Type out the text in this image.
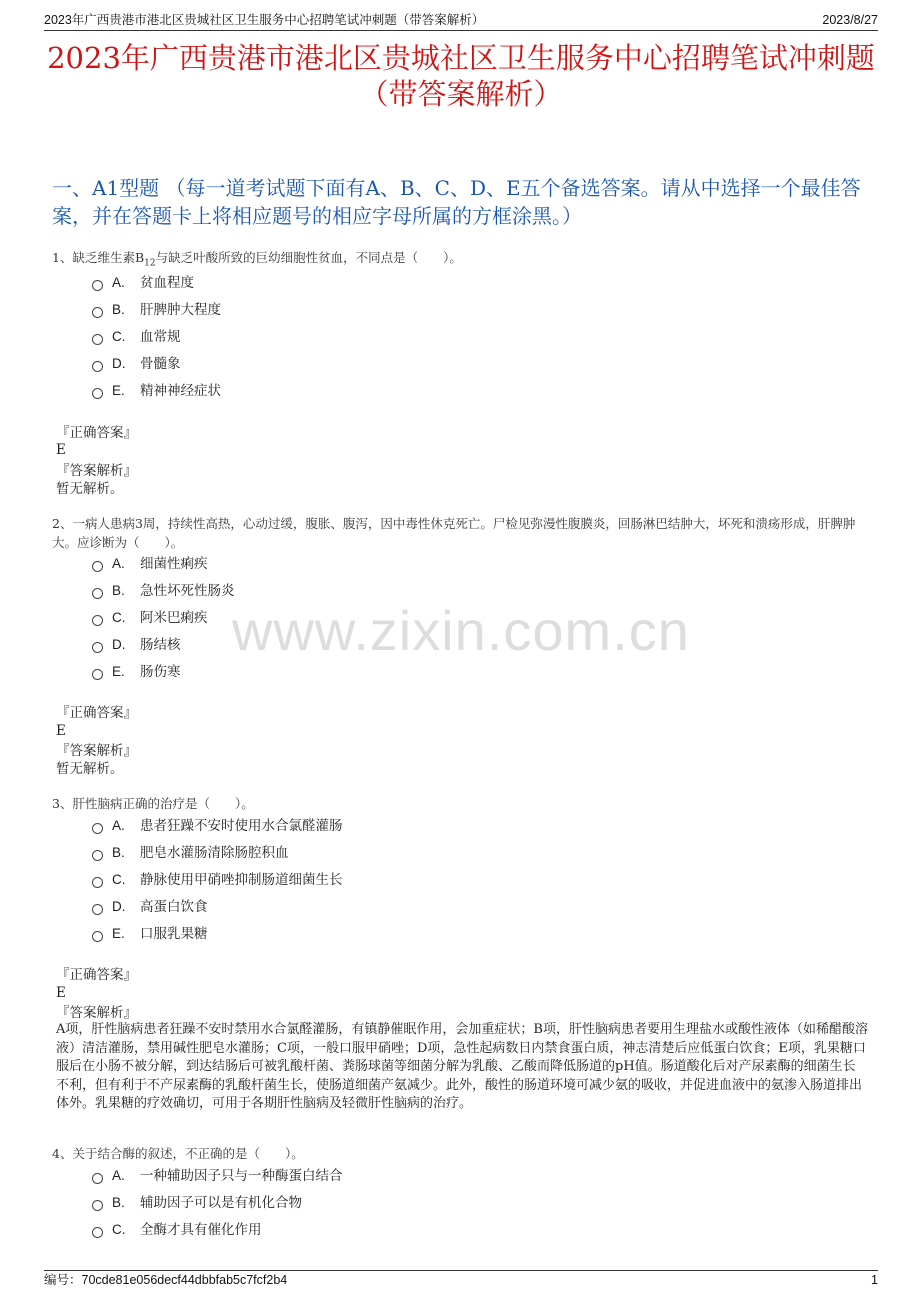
2023年广西贵港市港北区贵城社区卫生服务中心招聘笔试冲刺题（带答案解析）	2023/8/27
2023年广西贵港市港北区贵城社区卫生服务中心招聘笔试冲刺题（带答案解析）
一、A1型题 （每一道考试题下面有A、B、C、D、E五个备选答案。请从中选择一个最佳答案，并在答题卡上将相应题号的相应字母所属的方框涂黑。）
1、缺乏维生素$B_{12}$与缺乏叶酸所致的巨幼细胞性贫血，不同点是（　　）。
A.	贫血程度
B.	肝脾肿大程度
C.	血常规
D.	骨髓象
E.	精神神经症状
『正确答案』
E
『答案解析』
暂无解析。
2、一病人患病3周，持续性高热，心动过缓，腹胀、腹泻，因中毒性休克死亡。尸检见弥漫性腹膜炎，回肠淋巴结肿大，坏死和溃疡形成，肝脾肿大。应诊断为（　　）。
A.	细菌性痢疾
B.	急性坏死性肠炎
C.	阿米巴痢疾
D.	肠结核
E.	肠伤寒
『正确答案』
E
『答案解析』
暂无解析。
3、肝性脑病正确的治疗是（　　）。
A.	患者狂躁不安时使用水合氯醛灌肠
B.	肥皂水灌肠清除肠腔积血
C.	静脉使用甲硝唑抑制肠道细菌生长
D.	高蛋白饮食
E.	口服乳果糖
『正确答案』
E
『答案解析』
A项，肝性脑病患者狂躁不安时禁用水合氯醛灌肠，有镇静催眠作用，会加重症状；B项，肝性脑病患者要用生理盐水或酸性液体（如稀醋酸溶液）清洁灌肠，禁用碱性肥皂水灌肠；C项，一般口服甲硝唑；D项，急性起病数日内禁食蛋白质，神志清楚后应低蛋白饮食；E项，乳果糖口服后在小肠不被分解，到达结肠后可被乳酸杆菌、粪肠球菌等细菌分解为乳酸、乙酸而降低肠道的pH值。肠道酸化后对产尿素酶的细菌生长不利，但有利于不产尿素酶的乳酸杆菌生长，使肠道细菌产氨减少。此外，酸性的肠道环境可减少氨的吸收，并促进血液中的氨渗入肠道排出体外。乳果糖的疗效确切，可用于各期肝性脑病及轻微肝性脑病的治疗。
4、关于结合酶的叙述，不正确的是（　　）。
A.	一种辅助因子只与一种酶蛋白结合
B.	辅助因子可以是有机化合物
C.	全酶才具有催化作用
www.zixin.com.cn
编号：70cde81e056decf44dbbfab5c7fcf2b4	1
